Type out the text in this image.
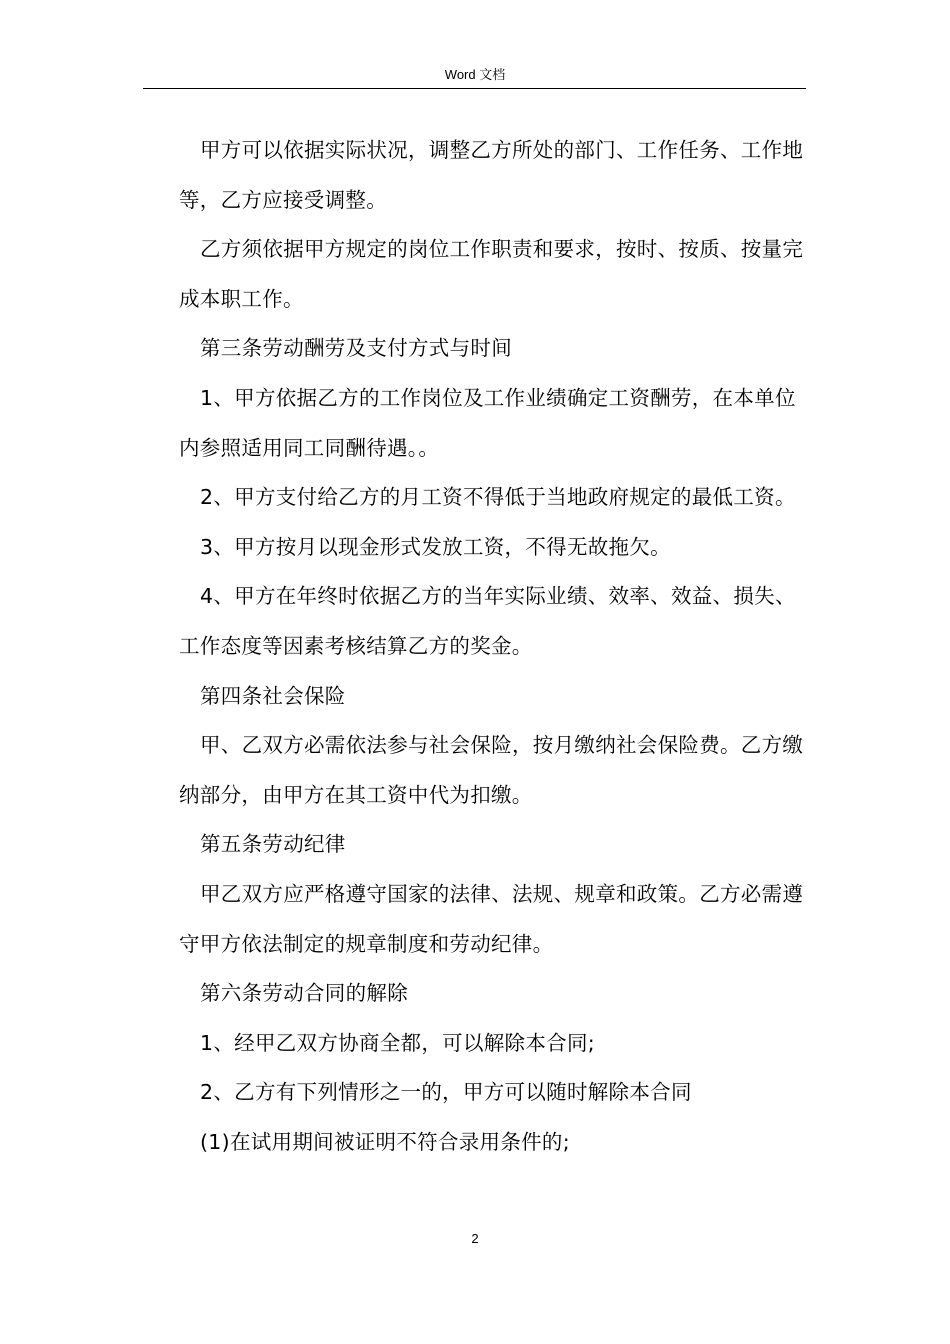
Word 文档

甲方可以依据实际状况，调整乙方所处的部门、工作任务、工作地等，乙方应接受调整。

乙方须依据甲方规定的岗位工作职责和要求，按时、按质、按量完成本职工作。

第三条劳动酬劳及支付方式与时间

1、甲方依据乙方的工作岗位及工作业绩确定工资酬劳，在本单位内参照适用同工同酬待遇。。

2、甲方支付给乙方的月工资不得低于当地政府规定的最低工资。

3、甲方按月以现金形式发放工资，不得无故拖欠。

4、甲方在年终时依据乙方的当年实际业绩、效率、效益、损失、工作态度等因素考核结算乙方的奖金。

第四条社会保险

甲、乙双方必需依法参与社会保险，按月缴纳社会保险费。乙方缴纳部分，由甲方在其工资中代为扣缴。

第五条劳动纪律

甲乙双方应严格遵守国家的法律、法规、规章和政策。乙方必需遵守甲方依法制定的规章制度和劳动纪律。

第六条劳动合同的解除

1、经甲乙双方协商全都，可以解除本合同;

2、乙方有下列情形之一的，甲方可以随时解除本合同

(1)在试用期间被证明不符合录用条件的;

2
